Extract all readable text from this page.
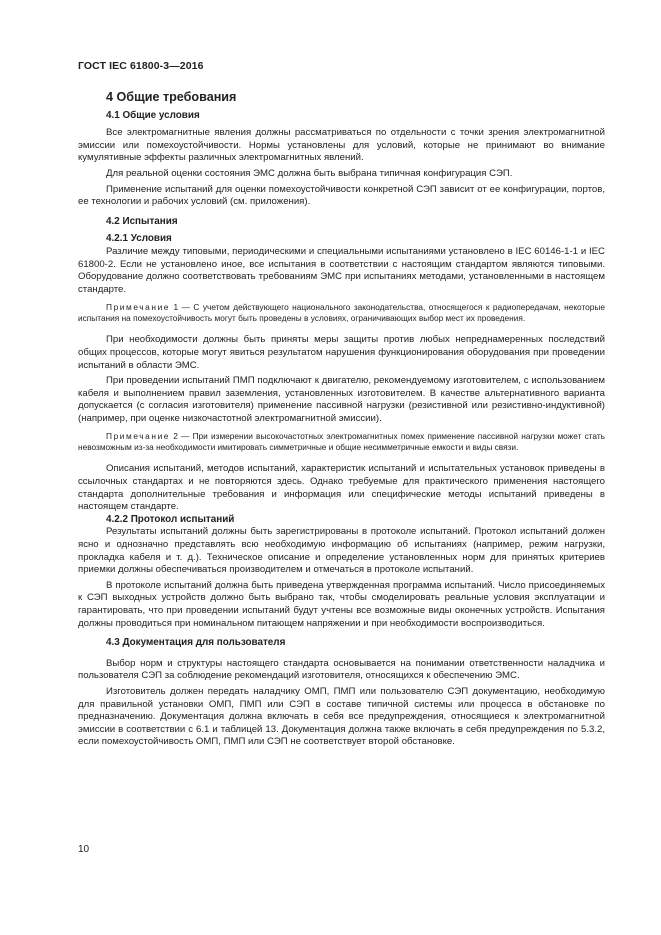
ГОСТ IEC 61800-3—2016
4 Общие требования
4.1 Общие условия
Все электромагнитные явления должны рассматриваться по отдельности с точки зрения электромагнитной эмиссии или помехоустойчивости. Нормы установлены для условий, которые не принимают во внимание кумулятивные эффекты различных электромагнитных явлений.
Для реальной оценки состояния ЭМС должна быть выбрана типичная конфигурация СЭП.
Применение испытаний для оценки помехоустойчивости конкретной СЭП зависит от ее конфигурации, портов, ее технологии и рабочих условий (см. приложения).
4.2 Испытания
4.2.1 Условия
Различие между типовыми, периодическими и специальными испытаниями установлено в IEC 60146-1-1 и IEC 61800-2. Если не установлено иное, все испытания в соответствии с настоящим стандартом являются типовыми. Оборудование должно соответствовать требованиям ЭМС при испытаниях методами, установленными в настоящем стандарте.
Примечание 1 — С учетом действующего национального законодательства, относящегося к радиопередачам, некоторые испытания на помехоустойчивость могут быть проведены в условиях, ограничивающих выбор мест их проведения.
При необходимости должны быть приняты меры защиты против любых непреднамеренных последствий общих процессов, которые могут явиться результатом нарушения функционирования оборудования при проведении испытаний в области ЭМС.
При проведении испытаний ПМП подключают к двигателю, рекомендуемому изготовителем, с использованием кабеля и выполнением правил заземления, установленных изготовителем. В качестве альтернативного варианта допускается (с согласия изготовителя) применение пассивной нагрузки (резистивной или резистивно-индуктивной) (например, при оценке низкочастотной электромагнитной эмиссии).
Примечание 2 — При измерении высокочастотных электромагнитных помех применение пассивной нагрузки может стать невозможным из-за необходимости имитировать симметричные и общие несимметричные емкости и виды связи.
Описания испытаний, методов испытаний, характеристик испытаний и испытательных установок приведены в ссылочных стандартах и не повторяются здесь. Однако требуемые для практического применения настоящего стандарта дополнительные требования и информация или специфические методы испытаний приведены в настоящем стандарте.
4.2.2 Протокол испытаний
Результаты испытаний должны быть зарегистрированы в протоколе испытаний. Протокол испытаний должен ясно и однозначно представлять всю необходимую информацию об испытаниях (например, режим нагрузки, прокладка кабеля и т. д.). Техническое описание и определение установленных норм для принятых критериев приемки должны обеспечиваться производителем и отмечаться в протоколе испытаний.
В протоколе испытаний должна быть приведена утвержденная программа испытаний. Число присоединяемых к СЭП выходных устройств должно быть выбрано так, чтобы смоделировать реальные условия эксплуатации и гарантировать, что при проведении испытаний будут учтены все возможные виды оконечных устройств. Испытания должны проводиться при номинальном питающем напряжении и при необходимости воспроизводиться.
4.3 Документация для пользователя
Выбор норм и структуры настоящего стандарта основывается на понимании ответственности наладчика и пользователя СЭП за соблюдение рекомендаций изготовителя, относящихся к обеспечению ЭМС.
Изготовитель должен передать наладчику ОМП, ПМП или пользователю СЭП документацию, необходимую для правильной установки ОМП, ПМП или СЭП в составе типичной системы или процесса в обстановке по предназначению. Документация должна включать в себя все предупреждения, относящиеся к электромагнитной эмиссии в соответствии с 6.1 и таблицей 13. Документация должна также включать в себя предупреждения по 5.3.2, если помехоустойчивость ОМП, ПМП или СЭП не соответствует второй обстановке.
10
